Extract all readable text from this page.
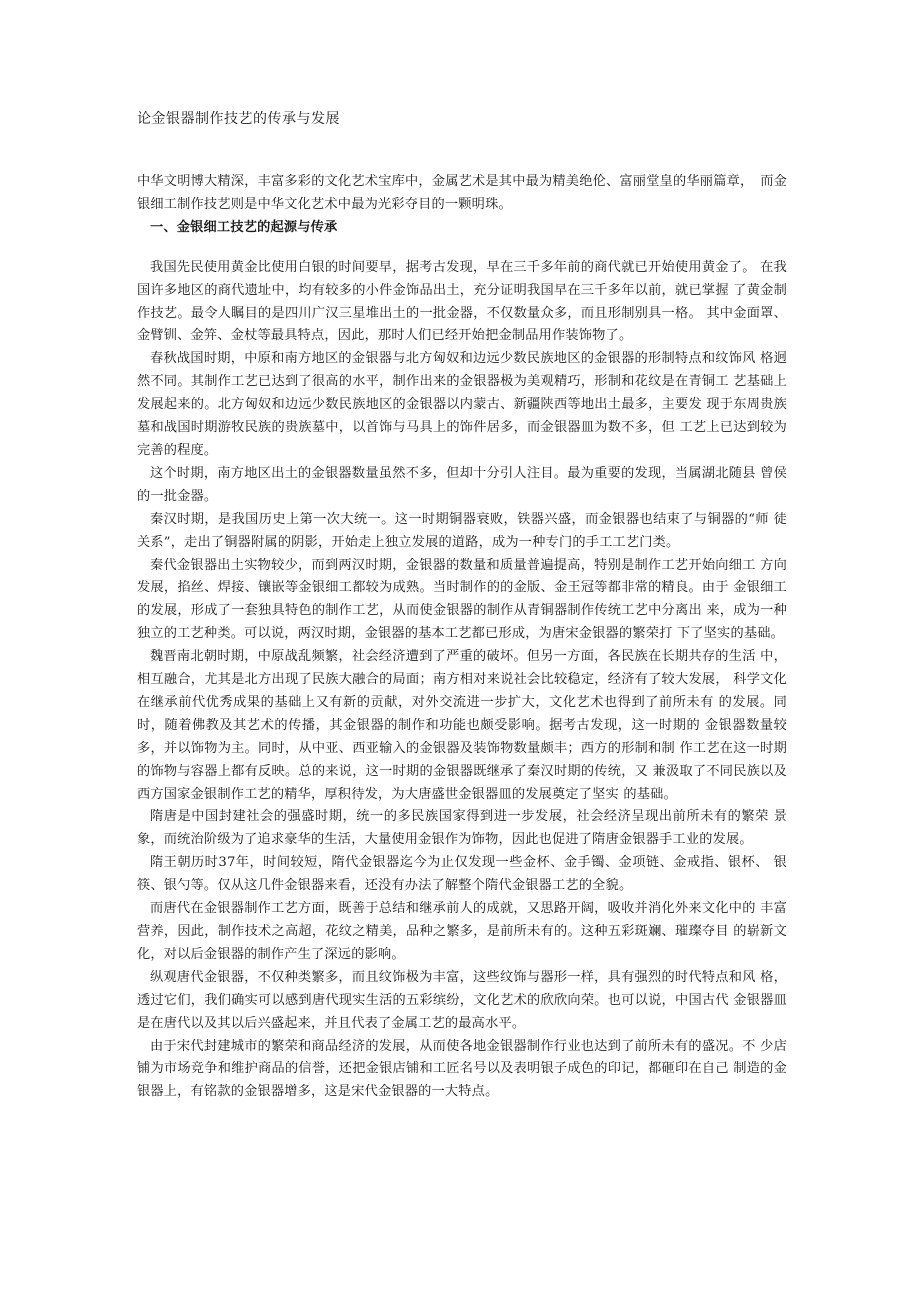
论金银器制作技艺的传承与发展

中华文明博大精深，丰富多彩的文化艺术宝库中，金属艺术是其中最为精美绝伦、富丽堂皇的华丽篇章，　而金银细工制作技艺则是中华文化艺术中最为光彩夺目的一颗明珠。

一、金银细工技艺的起源与传承

我国先民使用黄金比使用白银的时间要早，据考古发现，早在三千多年前的商代就已开始使用黄金了。 在我国许多地区的商代遗址中，均有较多的小件金饰品出土，充分证明我国早在三千多年以前，就已掌握 了黄金制作技艺。最令人瞩目的是四川广汉三星堆出土的一批金器，不仅数量众多，而且形制别具一格。 其中金面罩、金臂钏、金笄、金杖等最具特点，因此，那时人们已经开始把金制品用作装饰物了。

春秋战国时期，中原和南方地区的金银器与北方匈奴和边远少数民族地区的金银器的形制特点和纹饰风 格迥然不同。其制作工艺已达到了很高的水平，制作出来的金银器极为美观精巧，形制和花纹是在青铜工 艺基础上发展起来的。北方匈奴和边远少数民族地区的金银器以内蒙古、新疆陕西等地出土最多，主要发 现于东周贵族墓和战国时期游牧民族的贵族墓中，以首饰与马具上的饰件居多，而金银器皿为数不多，但 工艺上已达到较为完善的程度。

这个时期，南方地区出土的金银器数量虽然不多，但却十分引人注目。最为重要的发现，当属湖北随县 曾侯的一批金器。

秦汉时期，是我国历史上第一次大统一。这一时期铜器衰败，铁器兴盛，而金银器也结束了与铜器的“师 徒关系”，走出了铜器附属的阴影，开始走上独立发展的道路，成为一种专门的手工工艺门类。

秦代金银器出土实物较少，而到两汉时期，金银器的数量和质量普遍提高，特别是制作工艺开始向细工 方向发展，掐丝、焊接、镶嵌等金银细工都较为成熟。当时制作的的金版、金王冠等都非常的精良。由于 金银细工的发展，形成了一套独具特色的制作工艺，从而使金银器的制作从青铜器制作传统工艺中分离出 来，成为一种独立的工艺种类。可以说，两汉时期，金银器的基本工艺都已形成，为唐宋金银器的繁荣打 下了坚实的基础。

魏晋南北朝时期，中原战乱频繁，社会经济遭到了严重的破坏。但另一方面，各民族在长期共存的生活 中，相互融合，尤其是北方出现了民族大融合的局面；南方相对来说社会比较稳定，经济有了较大发展， 科学文化在继承前代优秀成果的基础上又有新的贡献，对外交流进一步扩大，文化艺术也得到了前所未有 的发展。同时，随着佛教及其艺术的传播，其金银器的制作和功能也颇受影响。据考古发现，这一时期的 金银器数量较多，并以饰物为主。同时，从中亚、西亚输入的金银器及装饰物数量颇丰；西方的形制和制 作工艺在这一时期的饰物与容器上都有反映。总的来说，这一时期的金银器既继承了秦汉时期的传统，又 兼汲取了不同民族以及西方国家金银制作工艺的精华，厚积待发，为大唐盛世金银器皿的发展奠定了坚实 的基础。

隋唐是中国封建社会的强盛时期，统一的多民族国家得到进一步发展，社会经济呈现出前所未有的繁荣 景象，而统治阶级为了追求豪华的生活，大量使用金银作为饰物，因此也促进了隋唐金银器手工业的发展。

隋王朝历时37年，时间较短，隋代金银器迄今为止仅发现一些金杯、金手镯、金项链、金戒指、银杯、 银筷、银勺等。仅从这几件金银器来看，还没有办法了解整个隋代金银器工艺的全貌。

而唐代在金银器制作工艺方面，既善于总结和继承前人的成就，又思路开阔，吸收并消化外来文化中的 丰富营养，因此，制作技术之高超，花纹之精美，品种之繁多，是前所未有的。这种五彩斑斓、璀璨夺目 的崭新文化，对以后金银器的制作产生了深远的影响。

纵观唐代金银器，不仅种类繁多，而且纹饰极为丰富，这些纹饰与器形一样，具有强烈的时代特点和风 格，透过它们，我们确实可以感到唐代现实生活的五彩缤纷，文化艺术的欣欣向荣。也可以说，中国古代 金银器皿是在唐代以及其以后兴盛起来，并且代表了金属工艺的最高水平。

由于宋代封建城市的繁荣和商品经济的发展，从而使各地金银器制作行业也达到了前所未有的盛况。不 少店铺为市场竞争和维护商品的信誉，还把金银店铺和工匠名号以及表明银子成色的印记，都砸印在自己 制造的金银器上，有铭款的金银器增多，这是宋代金银器的一大特点。
